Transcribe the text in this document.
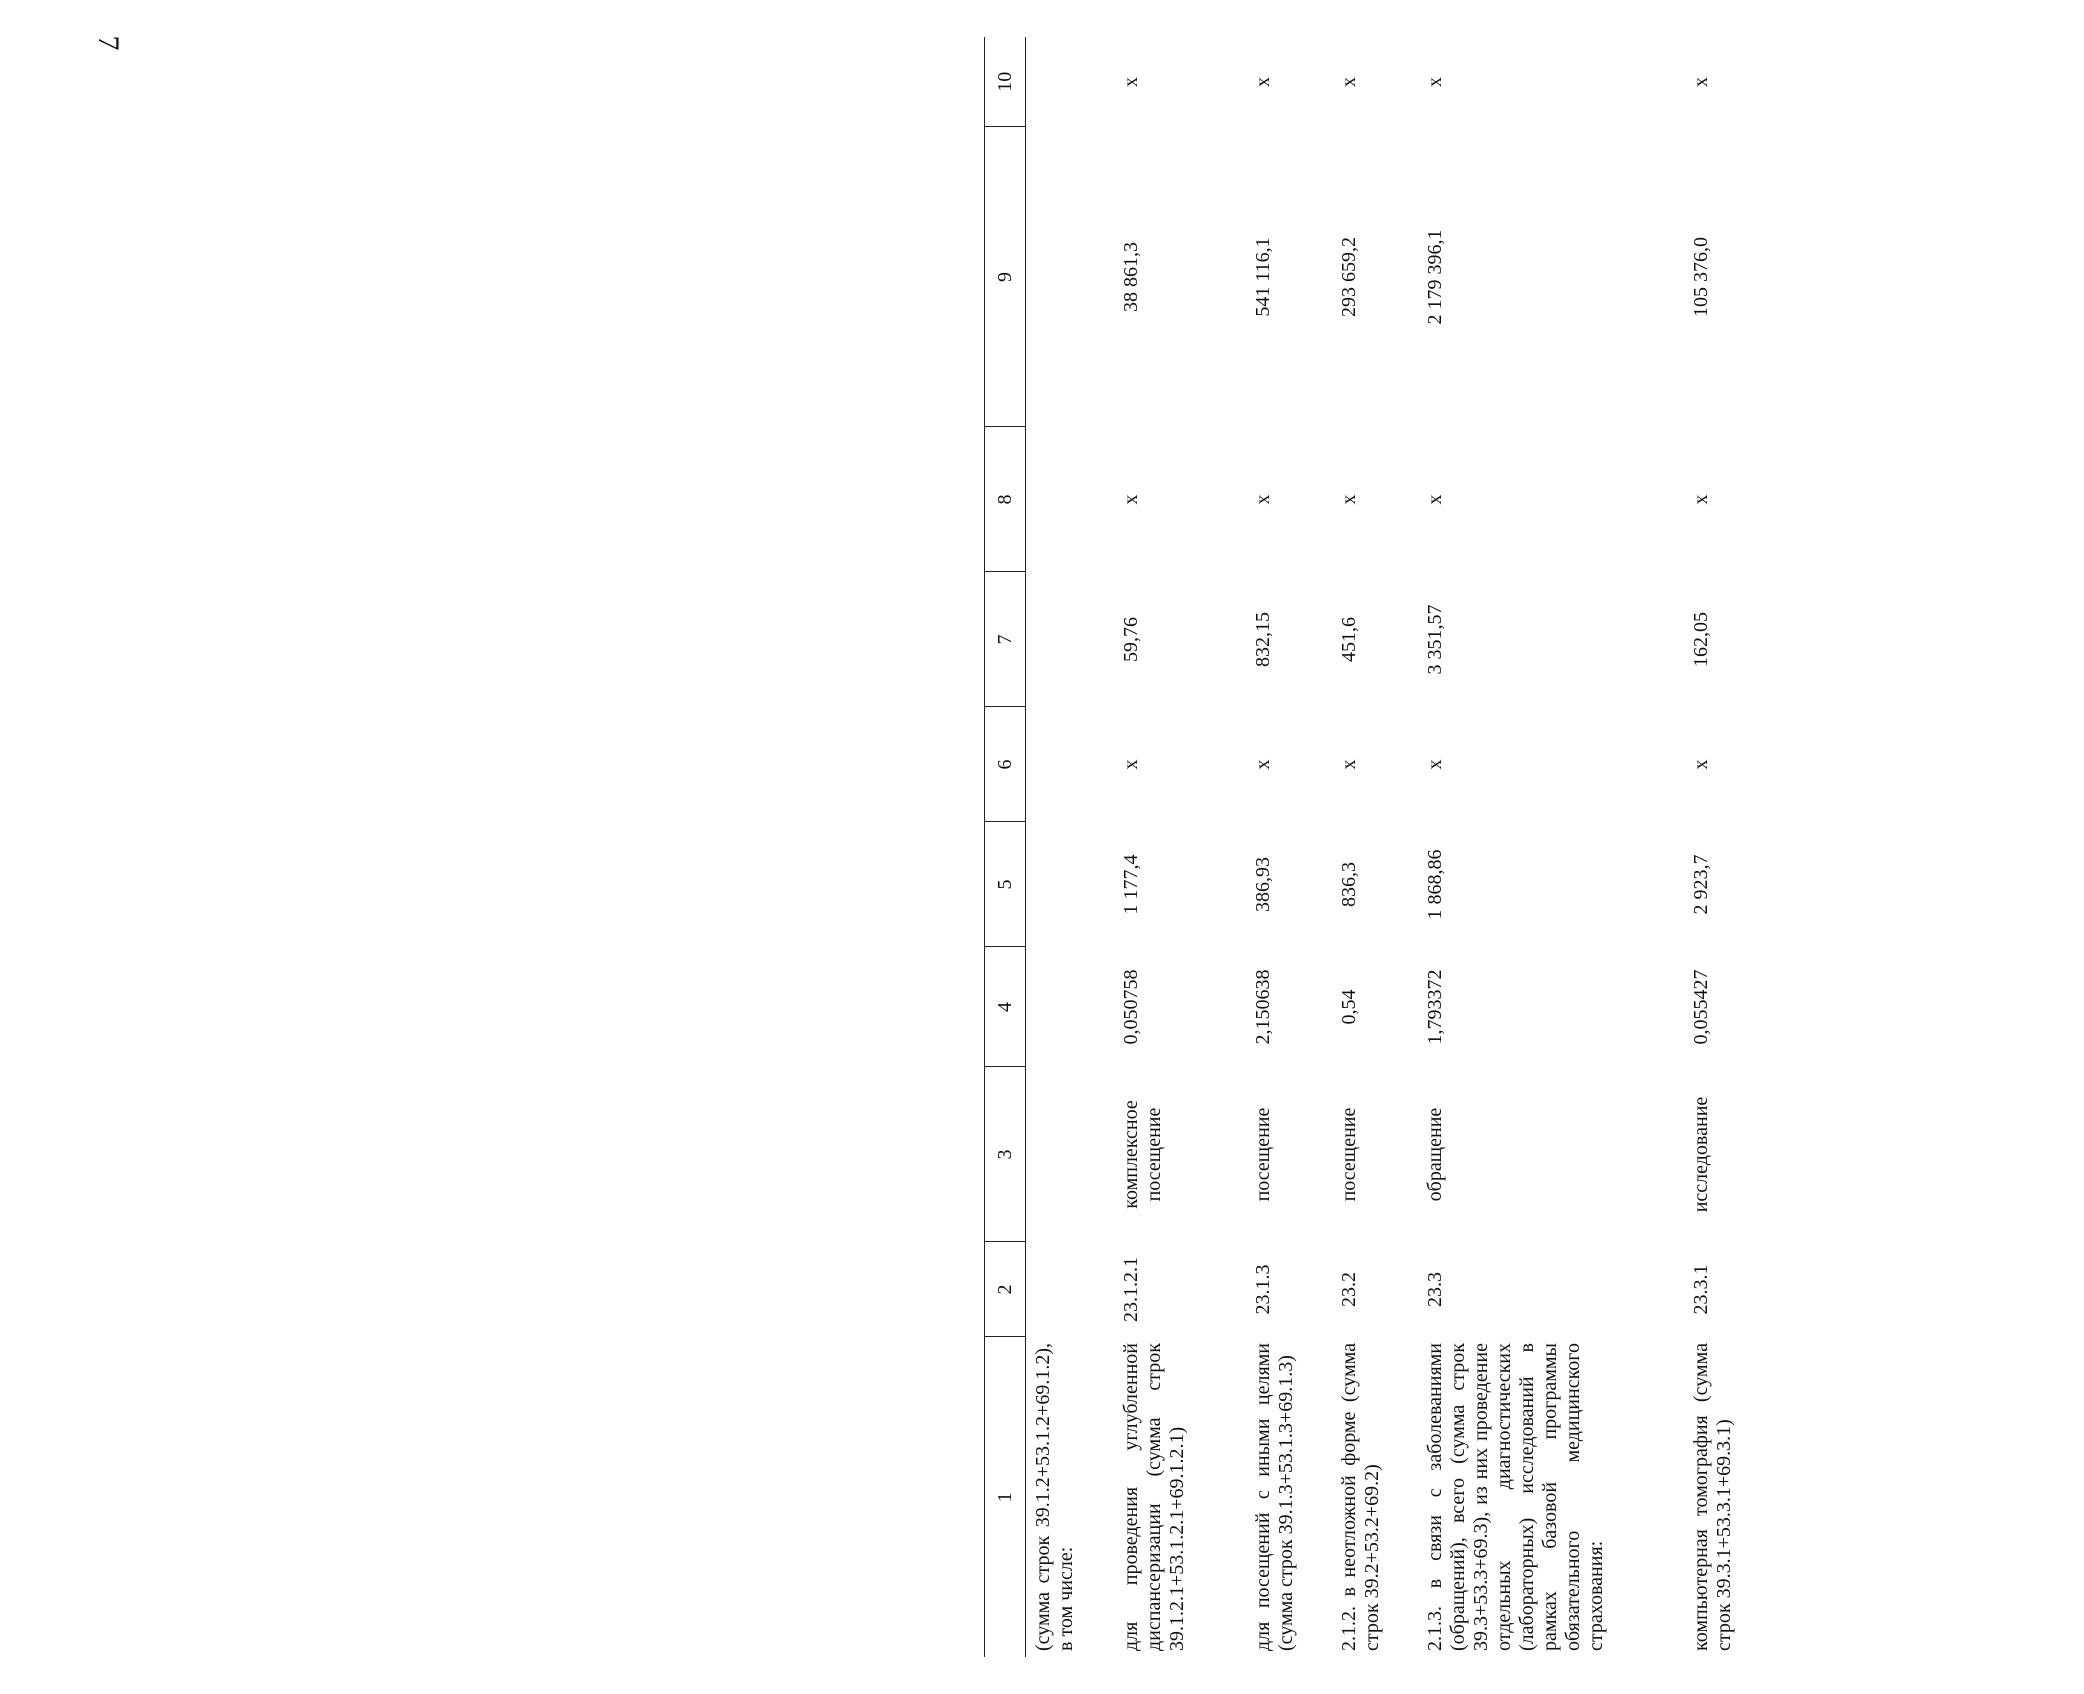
7
1	2	3	4	5	6	7	8	9	10
(сумма строк 39.1.2+53.1.2+69.1.2), в том числе:									
для проведения углубленной диспансеризации (сумма строк 39.1.2.1+53.1.2.1+69.1.2.1)	23.1.2.1	комплексное посещение	0,050758	1 177,4	х	59,76	х	38 861,3	х
для посещений с иными целями (сумма строк 39.1.3+53.1.3+69.1.3)	23.1.3	посещение	2,150638	386,93	х	832,15	х	541 116,1	х
2.1.2. в неотложной форме (сумма строк 39.2+53.2+69.2)	23.2	посещение	0,54	836,3	х	451,6	х	293 659,2	х
2.1.3. в связи с заболеваниями (обращений), всего (сумма строк 39.3+53.3+69.3), из них проведение отдельных диагностических (лабораторных) исследований в рамках базовой программы обязательного медицинского страхования:	23.3	обращение	1,793372	1 868,86	х	3 351,57	х	2 179 396,1	х
компьютерная томография (сумма строк 39.3.1+53.3.1+69.3.1)	23.3.1	исследование	0,055427	2 923,7	х	162,05	х	105 376,0	х
